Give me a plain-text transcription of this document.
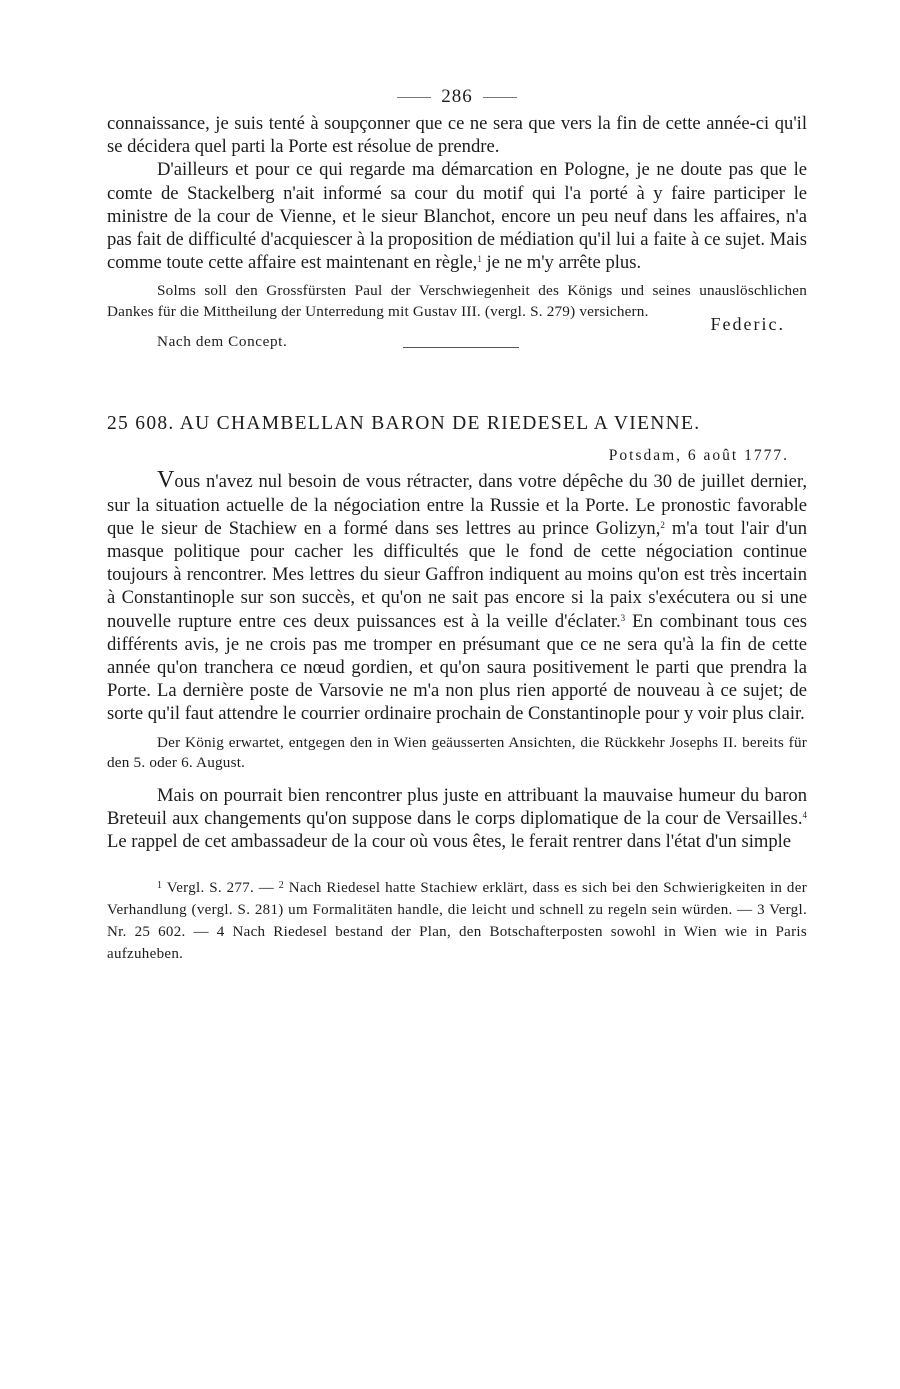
286

connaissance, je suis tenté à soupçonner que ce ne sera que vers la fin de cette année-ci qu'il se décidera quel parti la Porte est résolue de prendre.

D'ailleurs et pour ce qui regarde ma démarcation en Pologne, je ne doute pas que le comte de Stackelberg n'ait informé sa cour du motif qui l'a porté à y faire participer le ministre de la cour de Vienne, et le sieur Blanchot, encore un peu neuf dans les affaires, n'a pas fait de difficulté d'acquiescer à la proposition de médiation qu'il lui a faite à ce sujet. Mais comme toute cette affaire est maintenant en règle,$^1$ je ne m'y arrête plus.

Solms soll den Grossfürsten Paul der Verschwiegenheit des Königs und seines unauslöschlichen Dankes für die Mittheilung der Unterredung mit Gustav III. (vergl. S. 279) versichern.

Federic.
Nach dem Concept.
25 608. AU CHAMBELLAN BARON DE RIEDESEL A VIENNE.
Potsdam, 6 août 1777.

Vous n'avez nul besoin de vous rétracter, dans votre dépêche du 30 de juillet dernier, sur la situation actuelle de la négociation entre la Russie et la Porte. Le pronostic favorable que le sieur de Stachiew en a formé dans ses lettres au prince Golizyn,$^2$ m'a tout l'air d'un masque politique pour cacher les difficultés que le fond de cette négociation continue toujours à rencontrer. Mes lettres du sieur Gaffron indiquent au moins qu'on est très incertain à Constantinople sur son succès, et qu'on ne sait pas encore si la paix s'exécutera ou si une nouvelle rupture entre ces deux puissances est à la veille d'éclater.$^3$ En combinant tous ces différents avis, je ne crois pas me tromper en présumant que ce ne sera qu'à la fin de cette année qu'on tranchera ce nœud gordien, et qu'on saura positivement le parti que prendra la Porte. La dernière poste de Varsovie ne m'a non plus rien apporté de nouveau à ce sujet; de sorte qu'il faut attendre le courrier ordinaire prochain de Constantinople pour y voir plus clair.

Der König erwartet, entgegen den in Wien geäusserten Ansichten, die Rückkehr Josephs II. bereits für den 5. oder 6. August.

Mais on pourrait bien rencontrer plus juste en attribuant la mauvaise humeur du baron Breteuil aux changements qu'on suppose dans le corps diplomatique de la cour de Versailles.$^4$ Le rappel de cet ambassadeur de la cour où vous êtes, le ferait rentrer dans l'état d'un simple

$^1$ Vergl. S. 277. — $^2$ Nach Riedesel hatte Stachiew erklärt, dass es sich bei den Schwierigkeiten in der Verhandlung (vergl. S. 281) um Formalitäten handle, die leicht und schnell zu regeln sein würden. — 3 Vergl. Nr. 25 602. — 4 Nach Riedesel bestand der Plan, den Botschafterposten sowohl in Wien wie in Paris aufzuheben.
